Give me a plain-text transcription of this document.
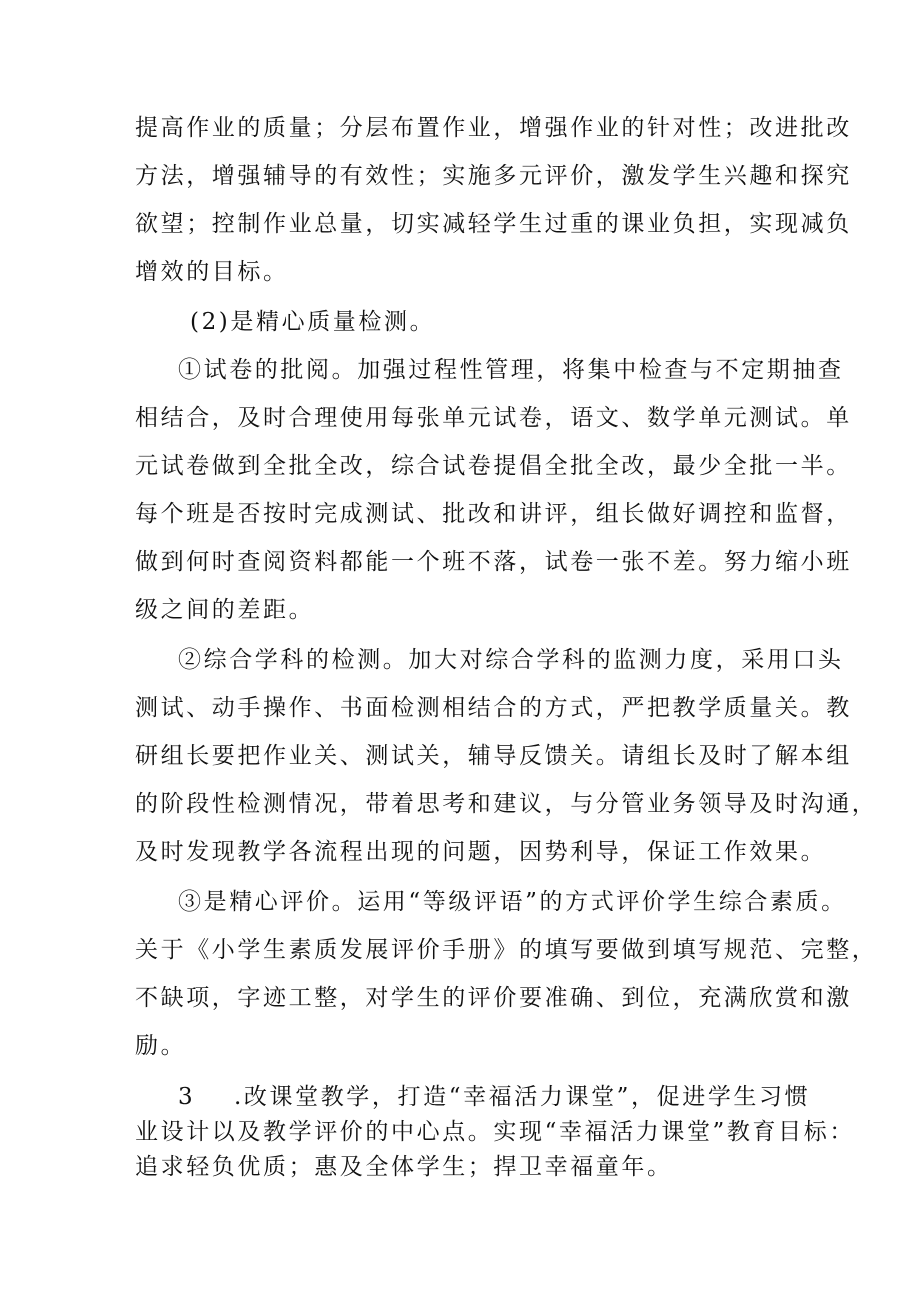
提高作业的质量；分层布置作业，增强作业的针对性；改进批改
方法，增强辅导的有效性；实施多元评价，激发学生兴趣和探究
欲望；控制作业总量，切实减轻学生过重的课业负担，实现减负
增效的目标。
(2)是精心质量检测。
①试卷的批阅。加强过程性管理，将集中检查与不定期抽查
相结合，及时合理使用每张单元试卷，语文、数学单元测试。单
元试卷做到全批全改，综合试卷提倡全批全改，最少全批一半。
每个班是否按时完成测试、批改和讲评，组长做好调控和监督，
做到何时查阅资料都能一个班不落，试卷一张不差。努力缩小班
级之间的差距。
②综合学科的检测。加大对综合学科的监测力度，采用口头
测试、动手操作、书面检测相结合的方式，严把教学质量关。教
研组长要把作业关、测试关，辅导反馈关。请组长及时了解本组
的阶段性检测情况，带着思考和建议，与分管业务领导及时沟通，
及时发现教学各流程出现的问题，因势利导，保证工作效果。
③是精心评价。运用“等级评语”的方式评价学生综合素质。
关于《小学生素质发展评价手册》的填写要做到填写规范、完整，
不缺项，字迹工整，对学生的评价要准确、到位，充满欣赏和激
励。
3 .改课堂教学，打造“幸福活力课堂”，促进学生习惯
业设计以及教学评价的中心点。实现“幸福活力课堂”教育目标：
追求轻负优质；惠及全体学生；捍卫幸福童年。
